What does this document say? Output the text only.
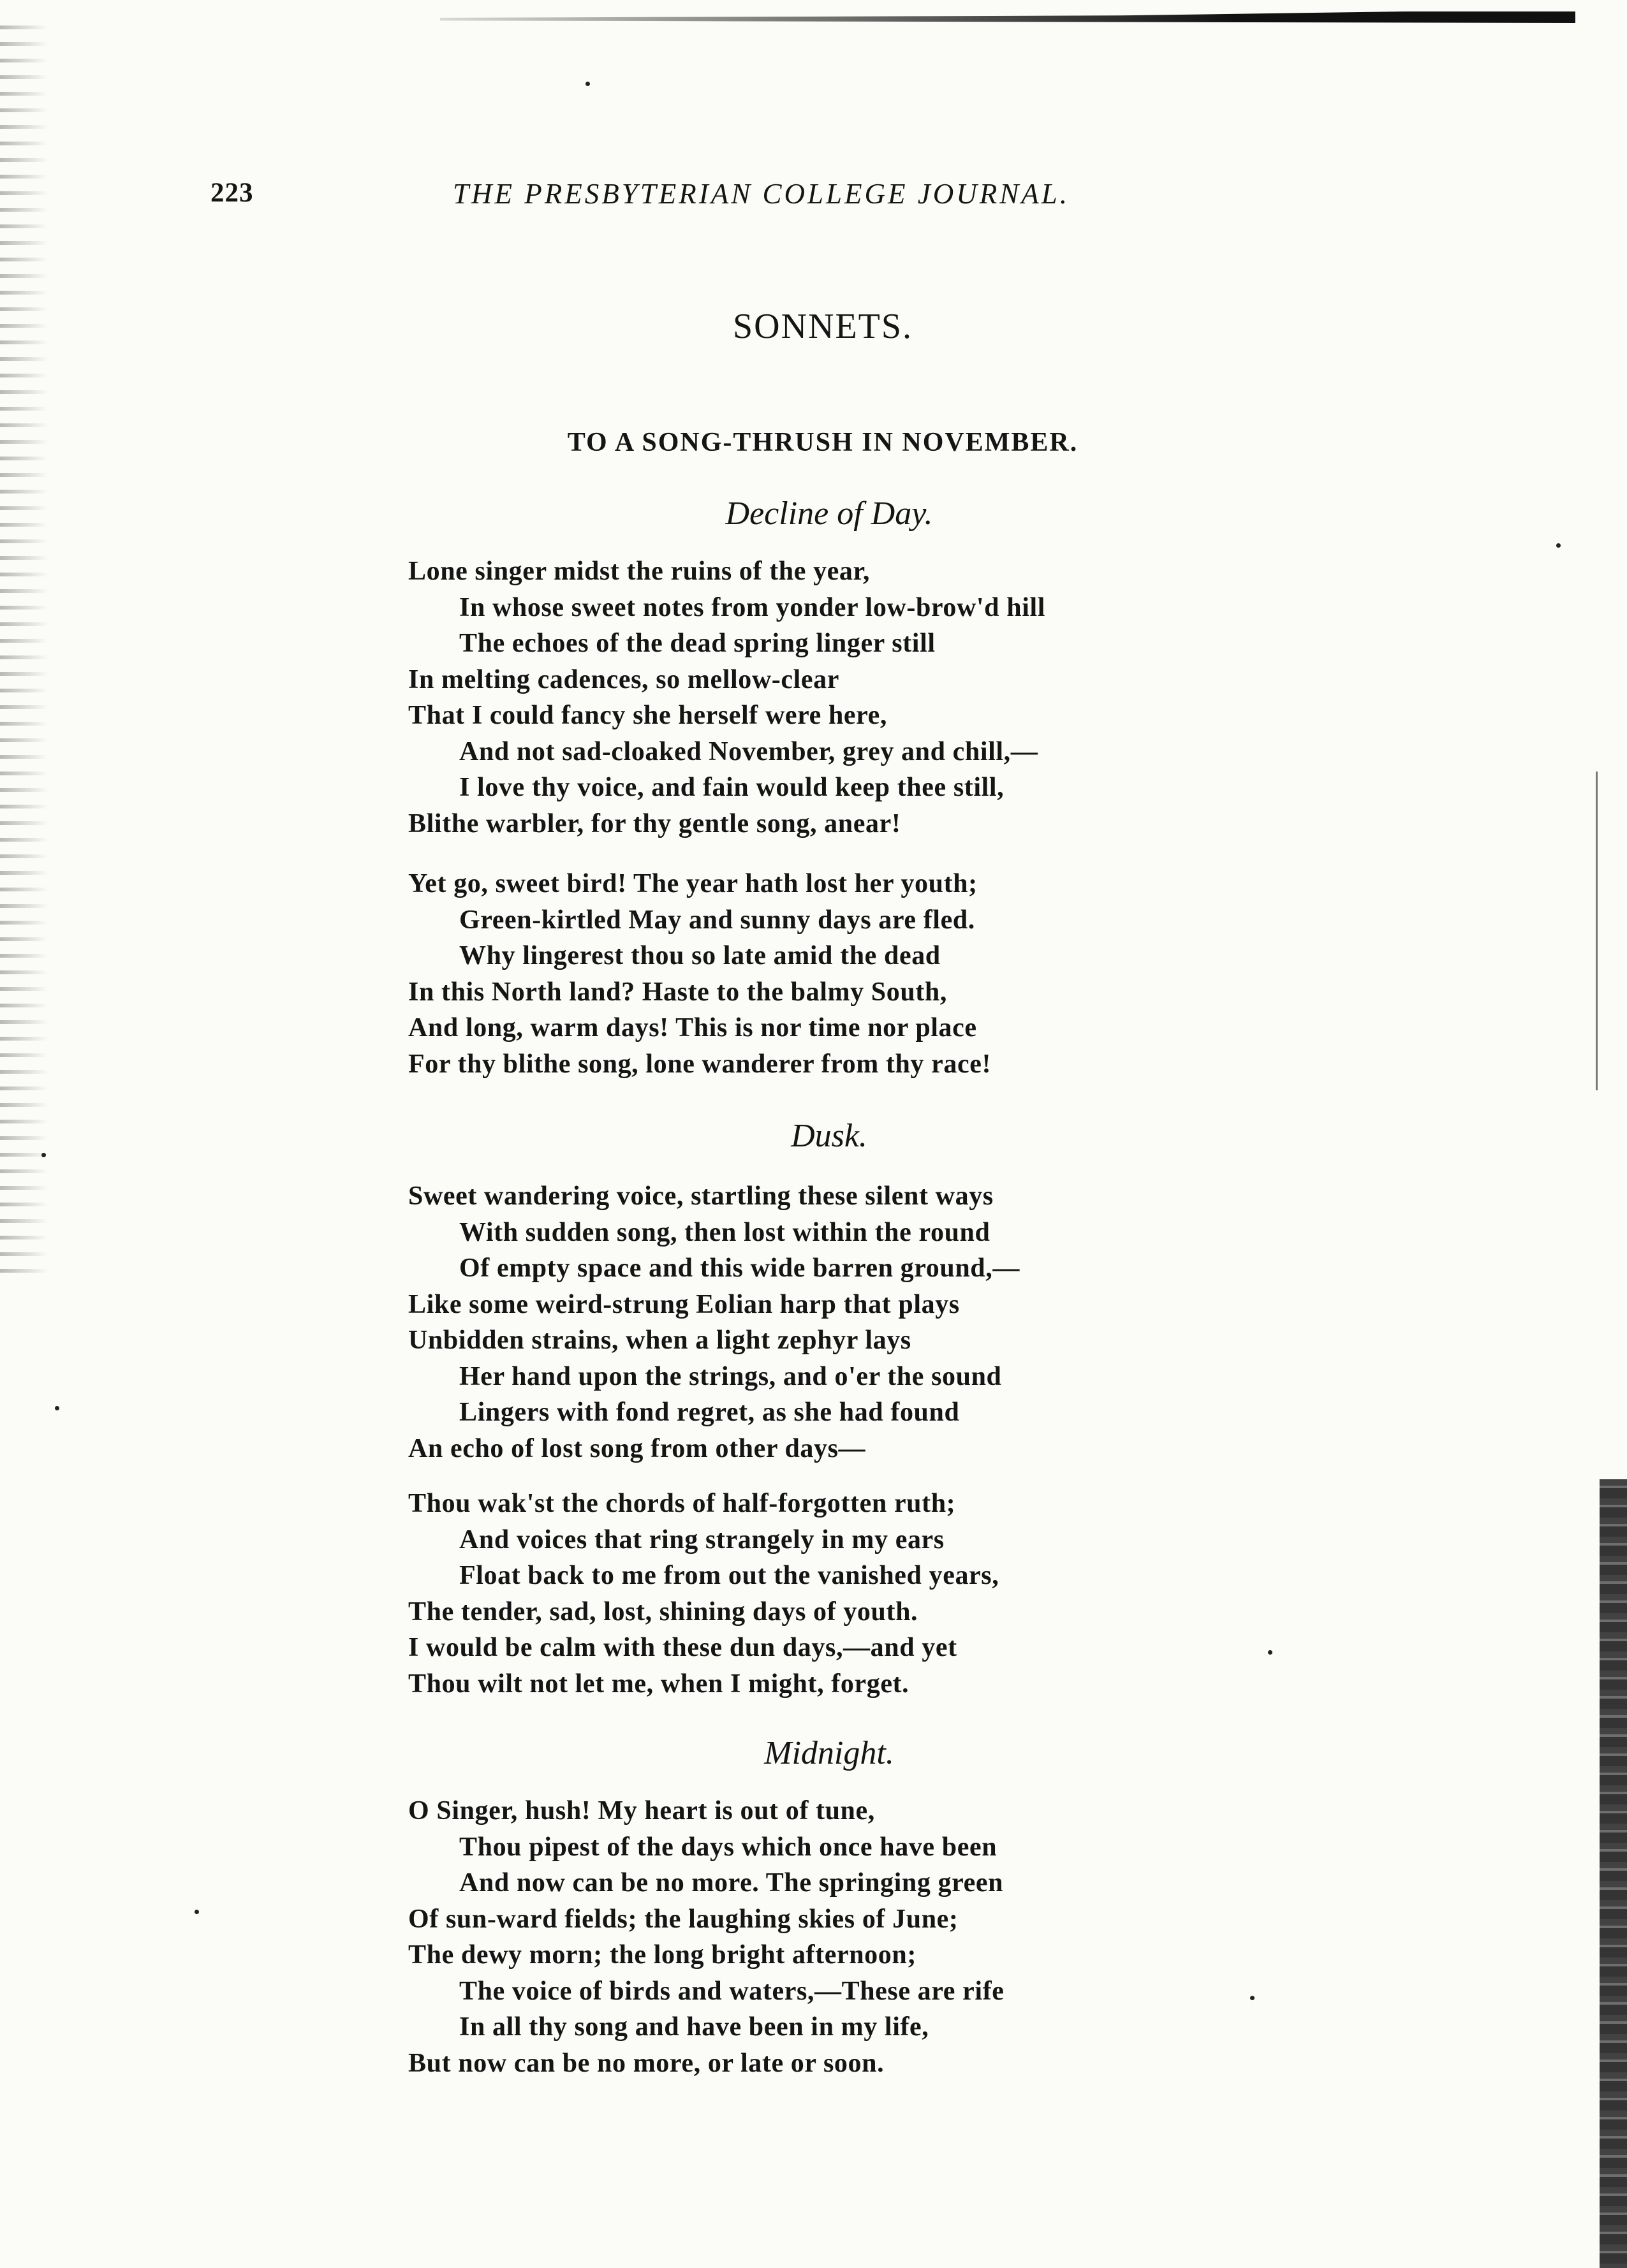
223	THE PRESBYTERIAN COLLEGE JOURNAL.
SONNETS.
TO A SONG-THRUSH IN NOVEMBER.
Decline of Day.
Lone singer midst the ruins of the year,
In whose sweet notes from yonder low-brow'd hill
The echoes of the dead spring linger still
In melting cadences, so mellow-clear
That I could fancy she herself were here,
And not sad-cloaked November, grey and chill,—
I love thy voice, and fain would keep thee still,
Blithe warbler, for thy gentle song, anear!
Yet go, sweet bird! The year hath lost her youth;
Green-kirtled May and sunny days are fled.
Why lingerest thou so late amid the dead
In this North land? Haste to the balmy South,
And long, warm days! This is nor time nor place
For thy blithe song, lone wanderer from thy race!
Dusk.
Sweet wandering voice, startling these silent ways
With sudden song, then lost within the round
Of empty space and this wide barren ground,—
Like some weird-strung Eolian harp that plays
Unbidden strains, when a light zephyr lays
Her hand upon the strings, and o'er the sound
Lingers with fond regret, as she had found
An echo of lost song from other days—
Thou wak'st the chords of half-forgotten ruth;
And voices that ring strangely in my ears
Float back to me from out the vanished years,
The tender, sad, lost, shining days of youth.
I would be calm with these dun days,—and yet
Thou wilt not let me, when I might, forget.
Midnight.
O Singer, hush! My heart is out of tune,
Thou pipest of the days which once have been
And now can be no more. The springing green
Of sun-ward fields; the laughing skies of June;
The dewy morn; the long bright afternoon;
The voice of birds and waters,—These are rife
In all thy song and have been in my life,
But now can be no more, or late or soon.
